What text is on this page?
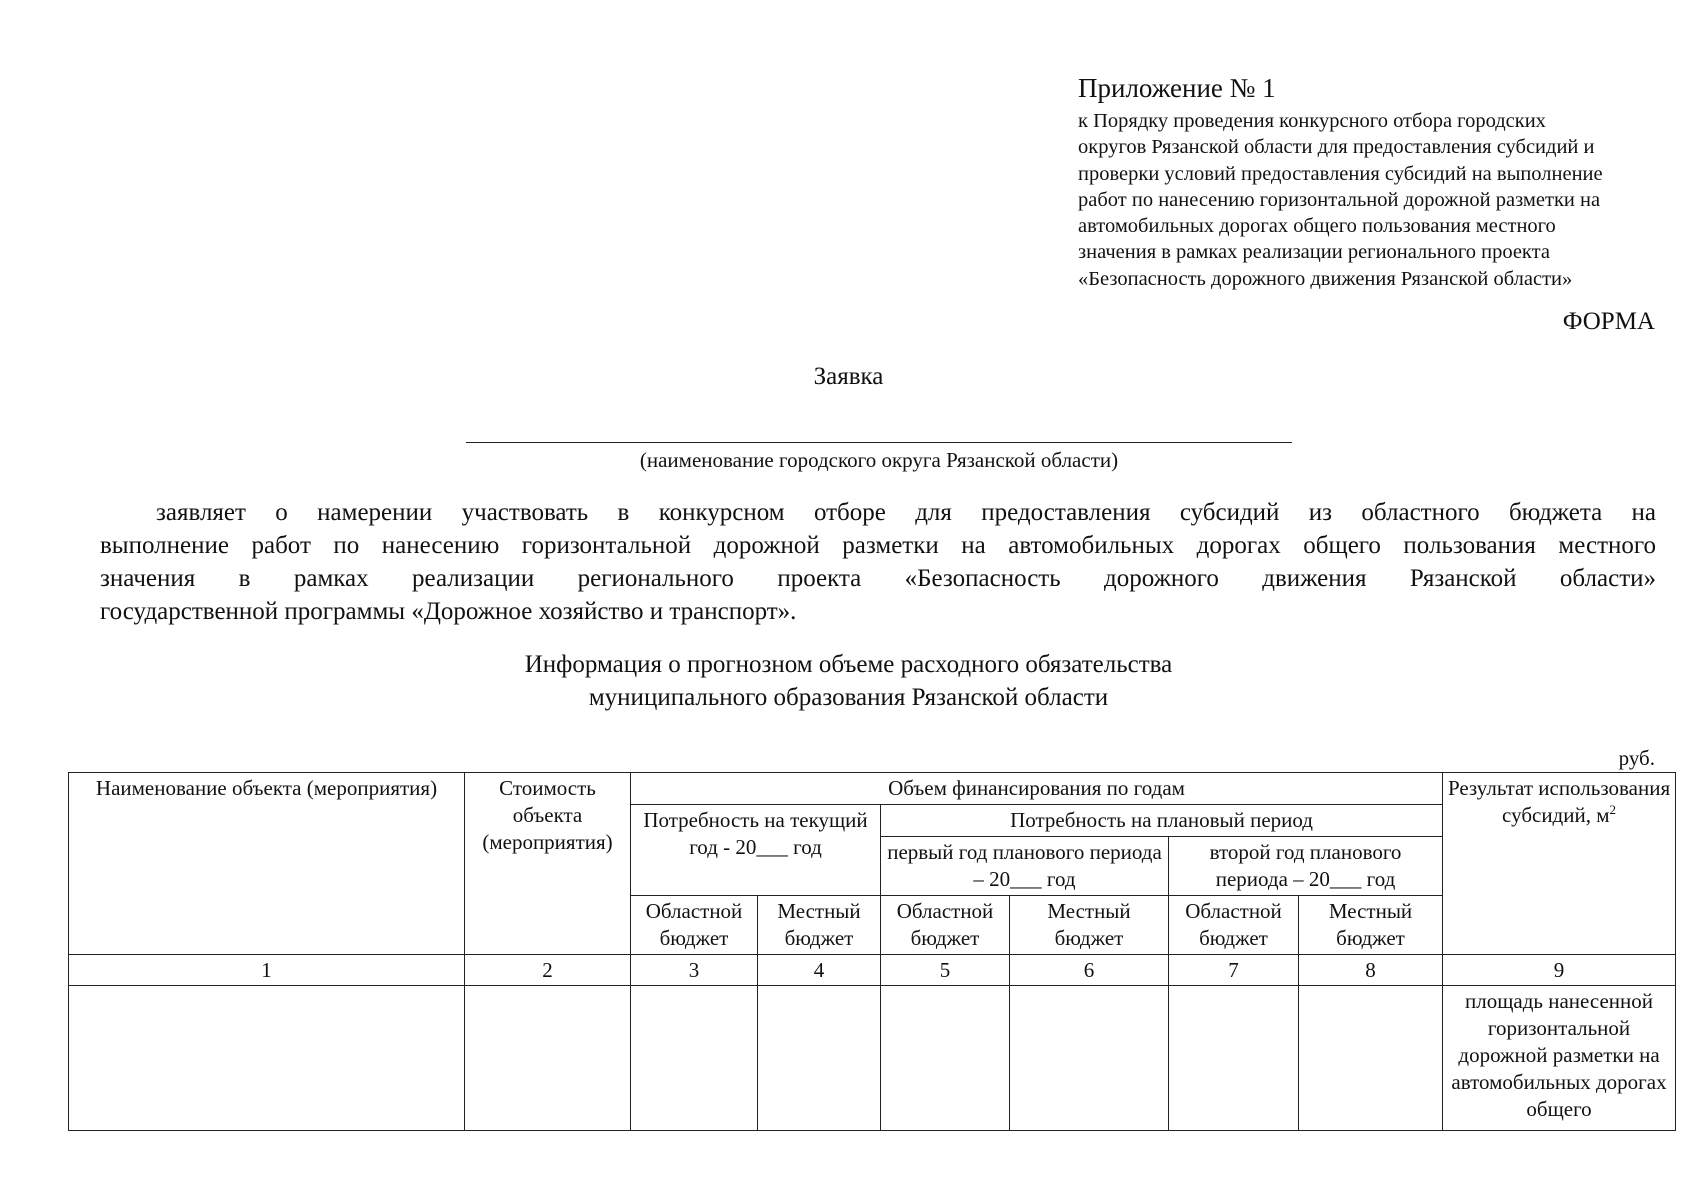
Приложение № 1
к Порядку проведения конкурсного отбора городских
округов Рязанской области для предоставления субсидий и
проверки условий предоставления субсидий на выполнение
работ по нанесению горизонтальной дорожной разметки на
автомобильных дорогах общего пользования местного
значения в рамках реализации регионального проекта
«Безопасность дорожного движения Рязанской области»
ФОРМА
Заявка
(наименование городского округа Рязанской области)
заявляет о намерении участвовать в конкурсном отборе для предоставления субсидий из областного бюджета на
выполнение работ по нанесению горизонтальной дорожной разметки на автомобильных дорогах общего пользования местного
значения в рамках реализации регионального проекта «Безопасность дорожного движения Рязанской области»
государственной программы «Дорожное хозяйство и транспорт».
Информация о прогнозном объеме расходного обязательства
муниципального образования Рязанской области
руб.
Наименование объекта (мероприятия)	Стоимость объекта (мероприятия)	Объем финансирования по годам						Результат использования субсидий, $м^2$
		Потребность на текущий год - 20___ год		Потребность на плановый период				
				первый год планового периода – 20___ год		второй год планового периода – 20___ год		
		Областной бюджет	Местный бюджет	Областной бюджет	Местный бюджет	Областной бюджет	Местный бюджет	
1	2	3	4	5	6	7	8	9
								площадь нанесенной горизонтальной дорожной разметки на автомобильных дорогах общего
